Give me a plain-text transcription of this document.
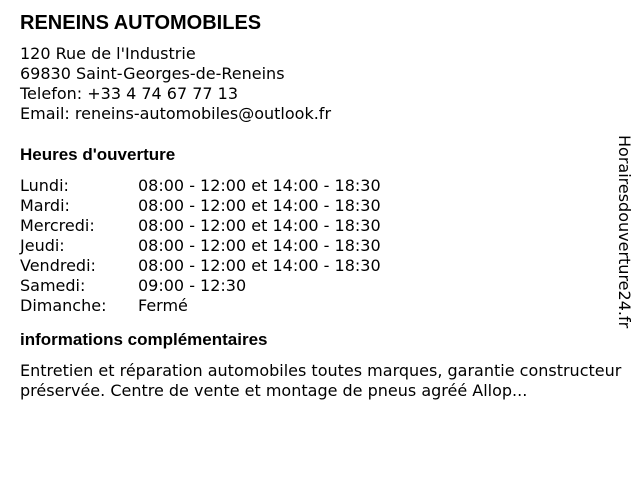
RENEINS AUTOMOBILES
120 Rue de l'Industrie
69830 Saint-Georges-de-Reneins
Telefon: +33 4 74 67 77 13
Email: reneins-automobiles@outlook.fr
Heures d'ouverture
Lundi:	08:00 - 12:00 et 14:00 - 18:30
Mardi:	08:00 - 12:00 et 14:00 - 18:30
Mercredi:	08:00 - 12:00 et 14:00 - 18:30
Jeudi:	08:00 - 12:00 et 14:00 - 18:30
Vendredi:	08:00 - 12:00 et 14:00 - 18:30
Samedi:	09:00 - 12:30
Dimanche:	Fermé
informations complémentaires
Entretien et réparation automobiles toutes marques, garantie constructeur préservée. Centre de vente et montage de pneus agréé Allop...
Horairesdouverture24.fr
